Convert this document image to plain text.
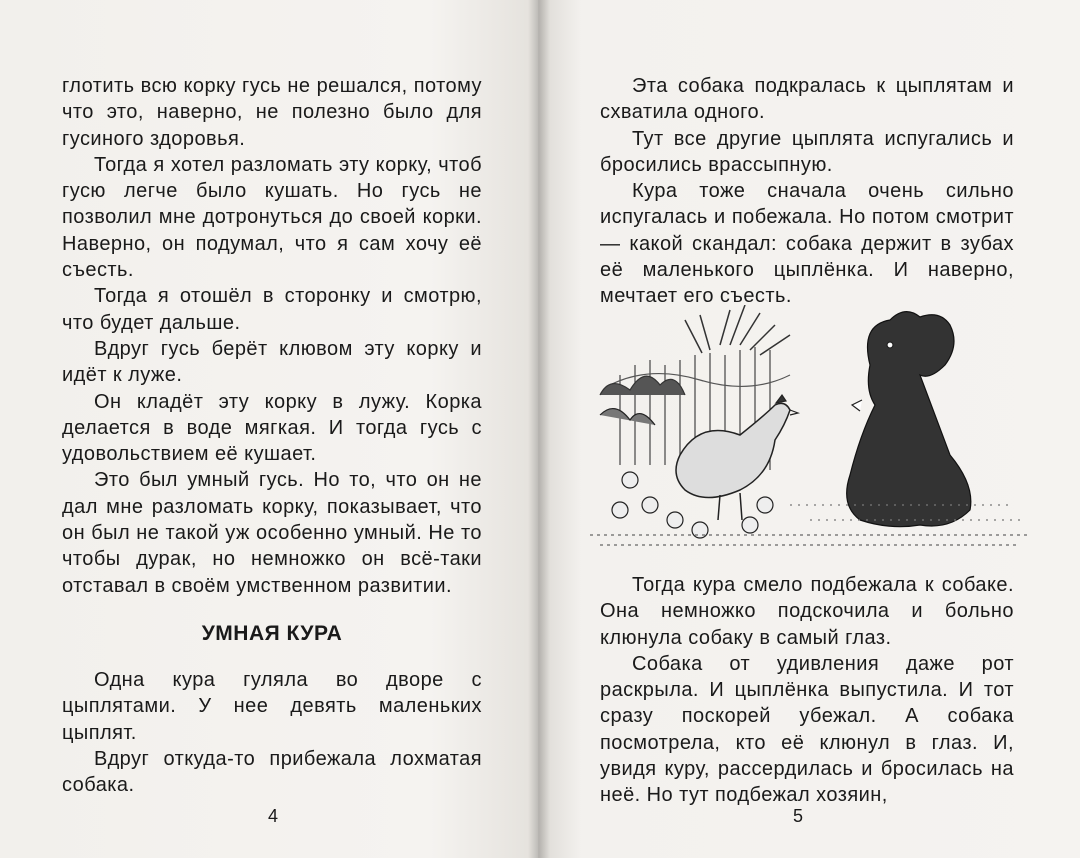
глотить всю корку гусь не решался, потому что это, наверно, не полезно было для гусиного здоровья.

Тогда я хотел разломать эту корку, чтоб гусю легче было кушать. Но гусь не позволил мне дотронуться до своей корки. Наверно, он подумал, что я сам хочу её съесть.

Тогда я отошёл в сторонку и смотрю, что будет дальше.

Вдруг гусь берёт клювом эту корку и идёт к луже.

Он кладёт эту корку в лужу. Корка делается в воде мягкая. И тогда гусь с удовольствием её кушает.

Это был умный гусь. Но то, что он не дал мне разломать корку, показывает, что он был не такой уж особенно умный. Не то чтобы дурак, но немножко он всё-таки отставал в своём умственном развитии.

УМНАЯ КУРА

Одна кура гуляла во дворе с цыплятами. У нее девять маленьких цыплят.

Вдруг откуда-то прибежала лохматая собака.

4

Эта собака подкралась к цыплятам и схватила одного.

Тут все другие цыплята испугались и бросились врассыпную.

Кура тоже сначала очень сильно испугалась и побежала. Но потом смотрит — какой скандал: собака держит в зубах её маленького цыплёнка. И наверно, мечтает его съесть.

Тогда кура смело подбежала к собаке. Она немножко подскочила и больно клюнула собаку в самый глаз.

Собака от удивления даже рот раскрыла. И цыплёнка выпустила. И тот сразу поскорей убежал. А собака посмотрела, кто её клюнул в глаз. И, увидя куру, рассердилась и бросилась на неё. Но тут подбежал хозяин,

5
